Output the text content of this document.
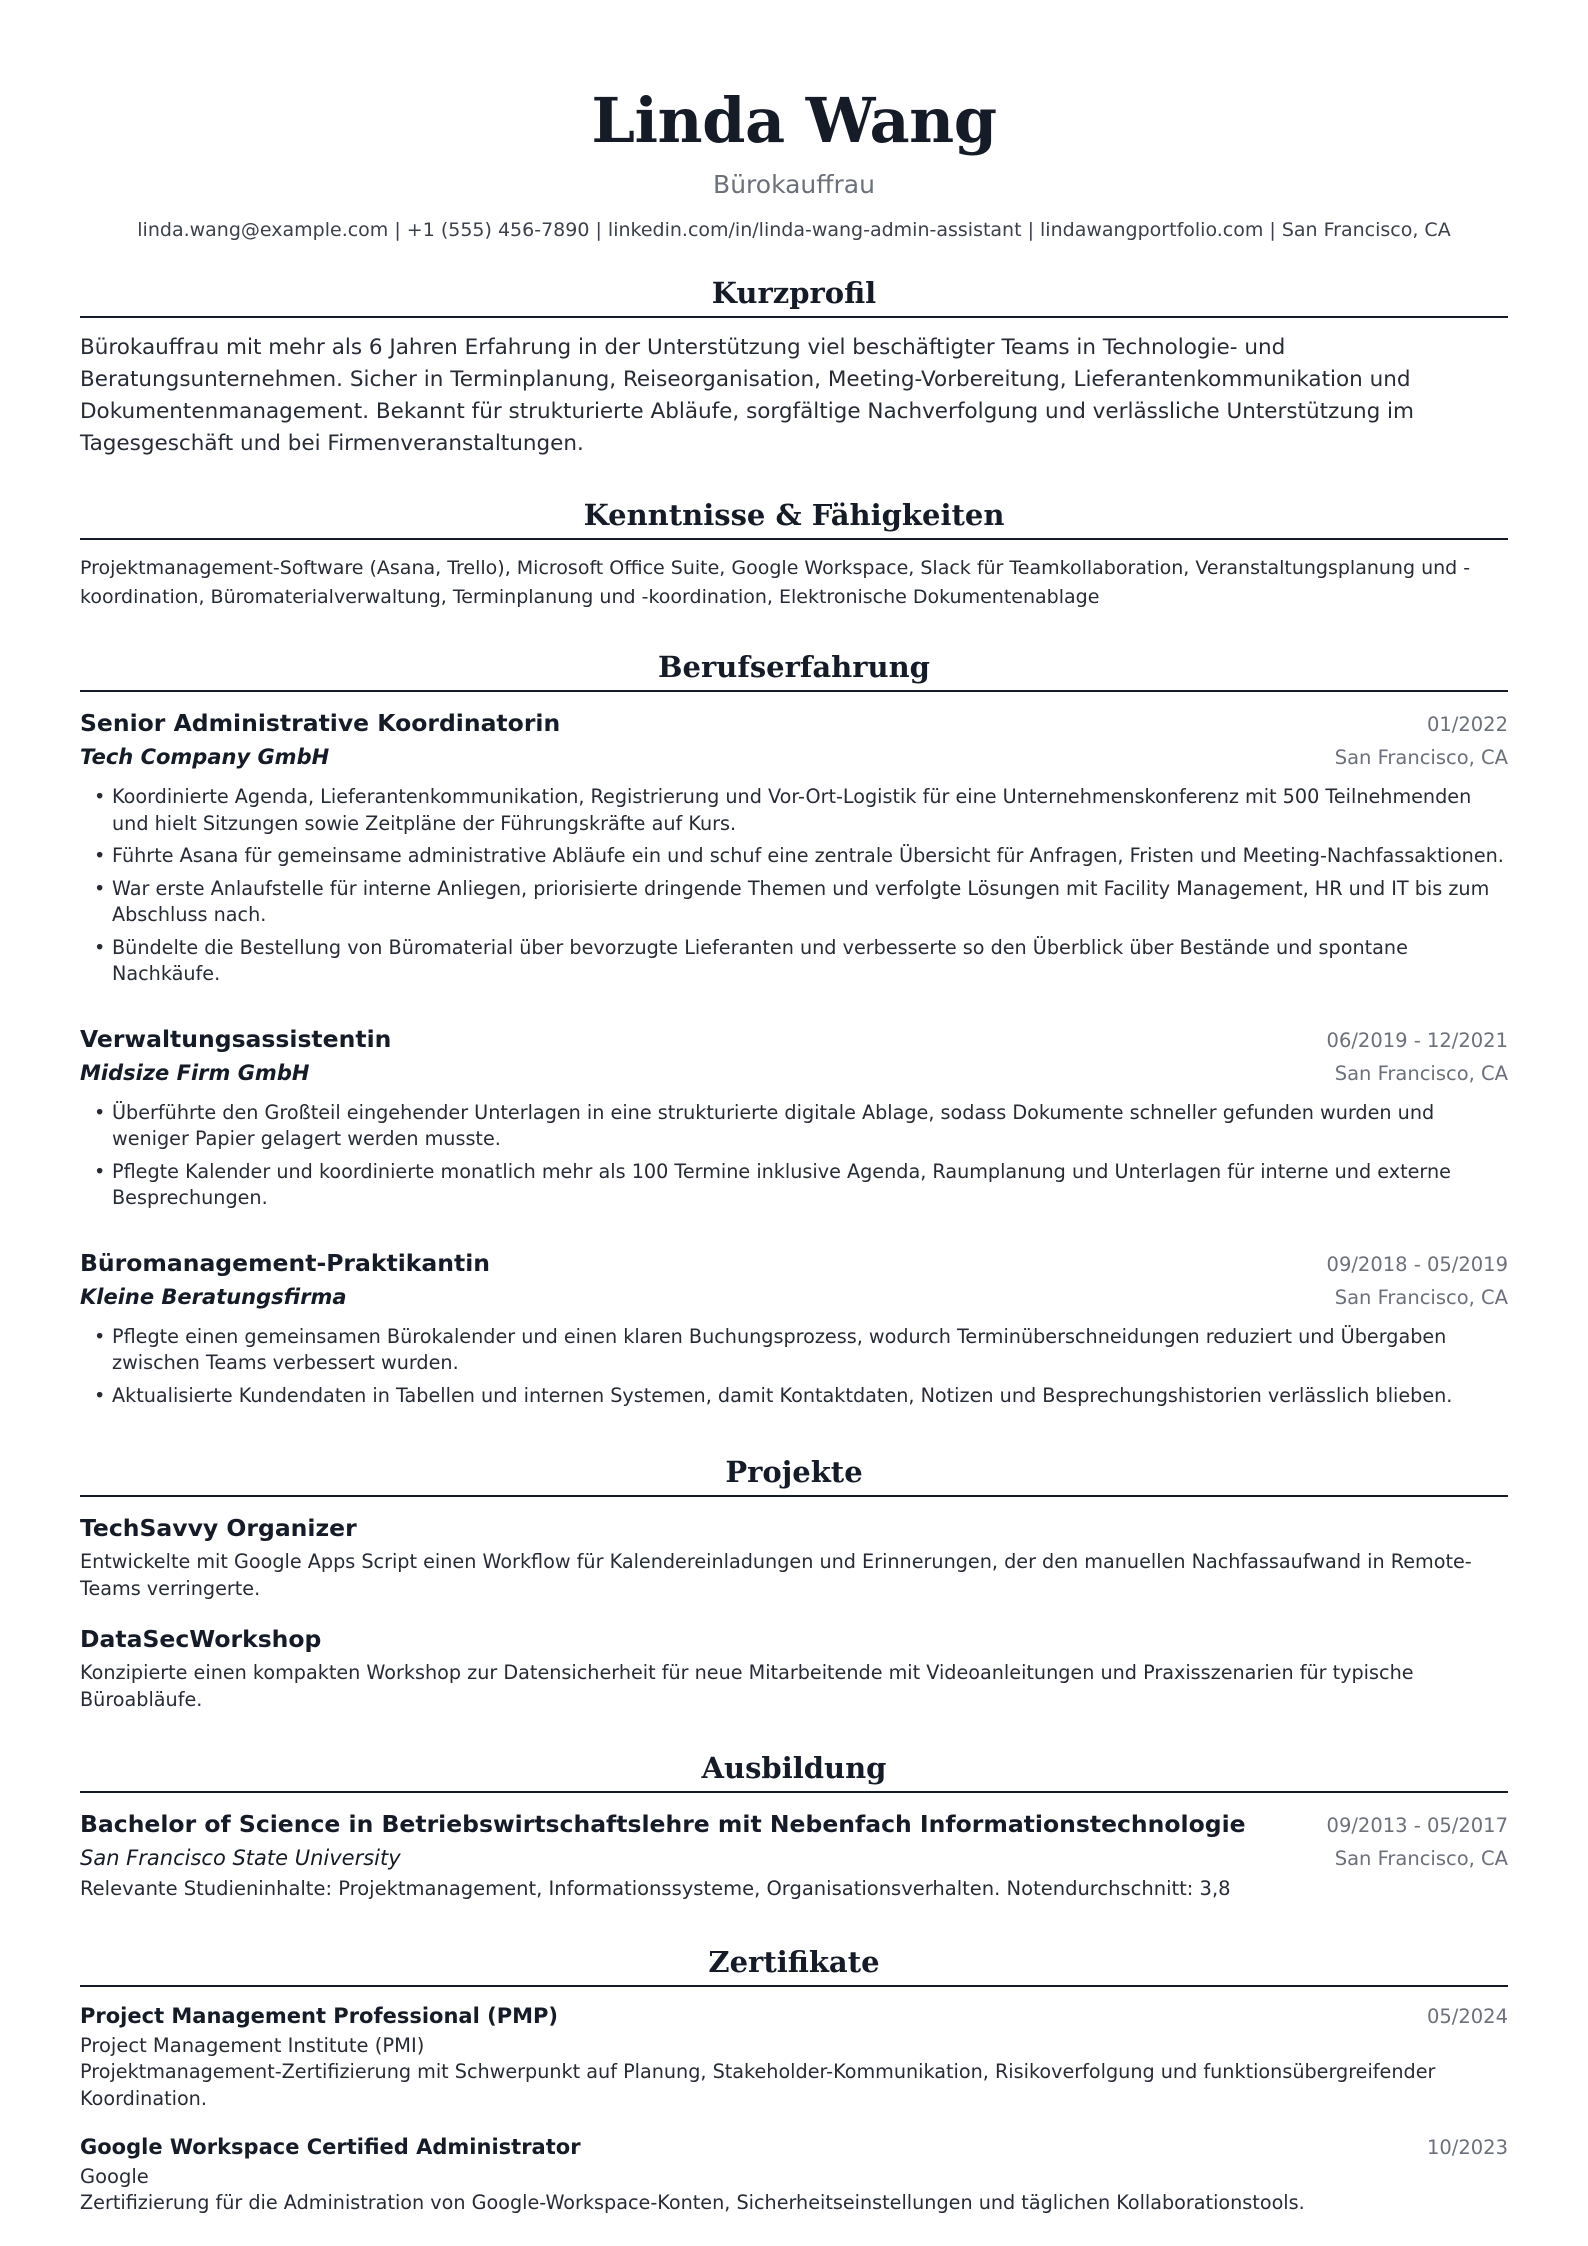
Linda Wang
Bürokauffrau
linda.wang@example.com | +1 (555) 456-7890 | linkedin.com/in/linda-wang-admin-assistant | lindawangportfolio.com | San Francisco, CA
Kurzprofil

Bürokauffrau mit mehr als 6 Jahren Erfahrung in der Unterstützung viel beschäftigter Teams in Technologie- und Beratungsunternehmen. Sicher in Terminplanung, Reiseorganisation, Meeting-Vorbereitung, Lieferantenkommunikation und Dokumentenmanagement. Bekannt für strukturierte Abläufe, sorgfältige Nachverfolgung und verlässliche Unterstützung im Tagesgeschäft und bei Firmenveranstaltungen.

Kenntnisse & Fähigkeiten

Projektmanagement-Software (Asana, Trello), Microsoft Office Suite, Google Workspace, Slack für Teamkollaboration, Veranstaltungsplanung und -koordination, Büromaterialverwaltung, Terminplanung und -koordination, Elektronische Dokumentenablage

Berufserfahrung
Senior Administrative Koordinatorin	01/2022
Tech Company GmbH	San Francisco, CA
• Koordinierte Agenda, Lieferantenkommunikation, Registrierung und Vor-Ort-Logistik für eine Unternehmenskonferenz mit 500 Teilnehmenden und hielt Sitzungen sowie Zeitpläne der Führungskräfte auf Kurs.
• Führte Asana für gemeinsame administrative Abläufe ein und schuf eine zentrale Übersicht für Anfragen, Fristen und Meeting-Nachfassaktionen.
• War erste Anlaufstelle für interne Anliegen, priorisierte dringende Themen und verfolgte Lösungen mit Facility Management, HR und IT bis zum Abschluss nach.
• Bündelte die Bestellung von Büromaterial über bevorzugte Lieferanten und verbesserte so den Überblick über Bestände und spontane Nachkäufe.
Verwaltungsassistentin	06/2019 - 12/2021
Midsize Firm GmbH	San Francisco, CA
• Überführte den Großteil eingehender Unterlagen in eine strukturierte digitale Ablage, sodass Dokumente schneller gefunden wurden und weniger Papier gelagert werden musste.
• Pflegte Kalender und koordinierte monatlich mehr als 100 Termine inklusive Agenda, Raumplanung und Unterlagen für interne und externe Besprechungen.
Büromanagement-Praktikantin	09/2018 - 05/2019
Kleine Beratungsfirma	San Francisco, CA
• Pflegte einen gemeinsamen Bürokalender und einen klaren Buchungsprozess, wodurch Terminüberschneidungen reduziert und Übergaben zwischen Teams verbessert wurden.
• Aktualisierte Kundendaten in Tabellen und internen Systemen, damit Kontaktdaten, Notizen und Besprechungshistorien verlässlich blieben.
Projekte
TechSavvy Organizer
Entwickelte mit Google Apps Script einen Workflow für Kalendereinladungen und Erinnerungen, der den manuellen Nachfassaufwand in Remote-Teams verringerte.
DataSecWorkshop
Konzipierte einen kompakten Workshop zur Datensicherheit für neue Mitarbeitende mit Videoanleitungen und Praxisszenarien für typische Büroabläufe.
Ausbildung
Bachelor of Science in Betriebswirtschaftslehre mit Nebenfach Informationstechnologie	09/2013 - 05/2017
San Francisco State University	San Francisco, CA
Relevante Studieninhalte: Projektmanagement, Informationssysteme, Organisationsverhalten. Notendurchschnitt: 3,8
Zertifikate
Project Management Professional (PMP)	05/2024
Project Management Institute (PMI)
Projektmanagement-Zertifizierung mit Schwerpunkt auf Planung, Stakeholder-Kommunikation, Risikoverfolgung und funktionsübergreifender Koordination.
Google Workspace Certified Administrator	10/2023
Google
Zertifizierung für die Administration von Google-Workspace-Konten, Sicherheitseinstellungen und täglichen Kollaborationstools.
